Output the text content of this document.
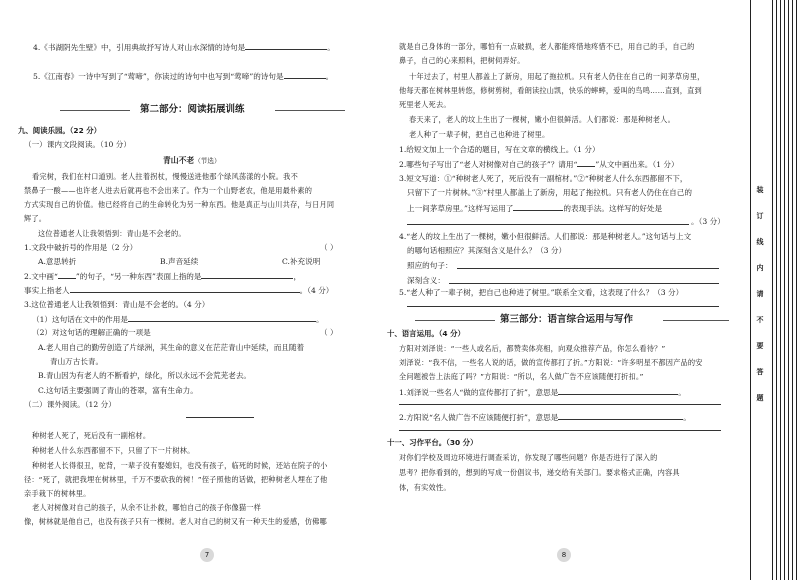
4.《书湖阴先生壁》中，引用典故抒写诗人对山水深情的诗句是	。
5.《江南春》一诗中写到了“莺啼”，你读过的诗句中也写到“莺啼”的诗句是	。
第二部分：阅读拓展训练
九、阅读乐园。（22 分）
（一）课内文段阅读。（10 分）
青山不老（节选）
看完树，我们在村口道别。老人拄着拐杖，慢慢送进他那个绿风荡漾的小院。我不
禁鼻子一酸——也许老人进去后就再也不会出来了。作为一个山野老农，他是用最朴素的
方式实现自己的价值。他已经将自己的生命转化为另一种东西。他是真正与山川共存，与日月同
辉了。
这位普通老人让我领悟到：青山是不会老的。
1.文段中破折号的作用是（2 分）	（ ）
A.意思转折	B.声音延续	C.补充说明
2.文中画“ ”的句子，“另一种东西”表面上指的是	，
事实上指老人	。（4 分）
3.这位普通老人让我领悟到：青山是不会老的。（4 分）
（1）这句话在文中的作用是	。
（2）对这句话的理解正确的一项是	（ ）
A.老人用自己的勤劳创造了片绿洲，其生命的意义在茫茫青山中延续，而且随着
青山万古长青。
B.青山因为有老人的不断看护，绿化，所以永远不会荒芜老去。
C.这句话主要强调了青山的苍翠，富有生命力。
（二）课外阅读。（12 分）
种树老人死了，死后没有一副棺材。
种树老人什么东西都留不下，只留了下一片树林。
种树老人长得很丑，驼背，一辈子没有娶媳妇，也没有孩子，临死的时候，还站在院子的小
径：“死了，就把我埋在树林里，千万不要砍我的树！”侄子照他的话做，把种树老人埋在了他
亲手栽下的树林里。
老人对树像对自己的孩子，从余不让扑救，哪怕自己的孩子你像猫一样
像，树林就是他自己，也没有孩子只有一棵树。老人对自己的树又有一种天生的爱感，仿佛哪
7
就是自己身体的一部分，哪怕有一点破损，老人都能疼惜地疼惜不已，用自己的手，自己的
鼻子，自己的心来照料，把树伺弄好。
十年过去了，村里人都盖上了新房，用起了拖拉机。只有老人仍住在自己的一间茅草房里，
他每天都在树林里转悠，修树剪树，看朗读拉山凯，快乐的蟀蟀，爱叫的鸟鸣……直到，直到
死里老人死去。
春天来了，老人的坟上生出了一棵树，嫩小但很鲜活。人们都说：那是种树老人。
老人种了一辈子树，把自己也种进了树里。
1.给短文加上一个合适的题目，写在文章的横线上。（1 分）
2.哪些句子写出了“老人对树像对自己的孩子”？请用“ ”从文中画出来。（1 分）
3.短文写道：①“种树老人死了，死后没有一副棺材。”②“种树老人什么东西都留不下，
只留下了一片树林。”③“村里人都盖上了新房，用起了拖拉机。只有老人仍住在自己的
上一间茅草房里。”这样写运用了	的表现手法。这样写的好处是
。（3 分）
4.“老人的坟上生出了一棵树，嫩小但很鲜活。人们都说：那是种树老人。”这句话与上文
的哪句话相照应？其深刻含义是什么？（3 分）
照应的句子：
深刻含义：
5.“老人种了一辈子树，把自己也种进了树里。”联系全文看，这表现了什么？（3 分）
第三部分：语言综合运用与写作
十、语言运用。（4 分）
方阳对刘泽说：“一些人或名后，都赞卖体亮相，向观众推荐产品，你怎么看待？”
刘泽说：“我不信，一些名人说的话，做的宣传都打了折。”方阳说：“许多明星不都因产品的安
全问题被告上法庭了吗？”方阳说：“所以，名人做广告不应该随便打折扣。”
1.刘泽说一些名人“做的宣传都打了折”，意思是	。
2.方阳说“名人做广告不应该随便打折”，意思是	。
十一、习作平台。（30 分）
对你们学校及周边环境进行调查采访，你发现了哪些问题？你是否进行了深入的
思考？把你看到的，想到的写成一份倡议书，递交给有关部门。要求格式正确，内容具
体，有实效性。
8
装
订
线
内
请
不
要
答
题
